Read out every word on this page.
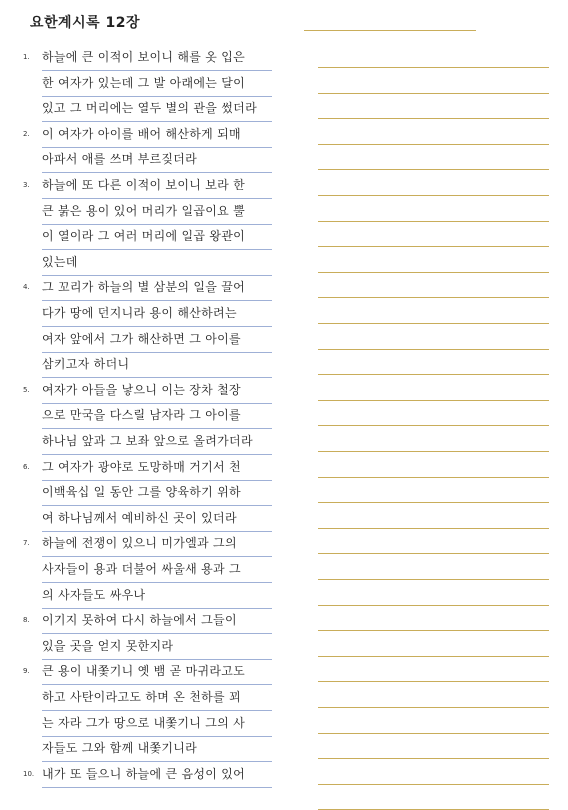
요한계시록 12장
1.	하늘에 큰 이적이 보이니 해를 옷 입은
한 여자가 있는데 그 발 아래에는 달이
있고 그 머리에는 열두 별의 관을 썼더라
2.	이 여자가 아이를 배어 해산하게 되매
아파서 애를 쓰며 부르짖더라
3.	하늘에 또 다른 이적이 보이니 보라 한
큰 붉은 용이 있어 머리가 일곱이요 뿔
이 열이라 그 여러 머리에 일곱 왕관이
있는데
4.	그 꼬리가 하늘의 별 삼분의 일을 끌어
다가 땅에 던지니라 용이 해산하려는
여자 앞에서 그가 해산하면 그 아이를
삼키고자 하더니
5.	여자가 아들을 낳으니 이는 장차 철장
으로 만국을 다스릴 남자라 그 아이를
하나님 앞과 그 보좌 앞으로 올려가더라
6.	그 여자가 광야로 도망하매 거기서 천
이백육십 일 동안 그를 양육하기 위하
여 하나님께서 예비하신 곳이 있더라
7.	하늘에 전쟁이 있으니 미가엘과 그의
사자들이 용과 더불어 싸울새 용과 그
의 사자들도 싸우나
8.	이기지 못하여 다시 하늘에서 그들이
있을 곳을 얻지 못한지라
9.	큰 용이 내쫓기니 옛 뱀 곧 마귀라고도
하고 사탄이라고도 하며 온 천하를 꾀
는 자라 그가 땅으로 내쫓기니 그의 사
자들도 그와 함께 내쫓기니라
10. 내가 또 들으니 하늘에 큰 음성이 있어
